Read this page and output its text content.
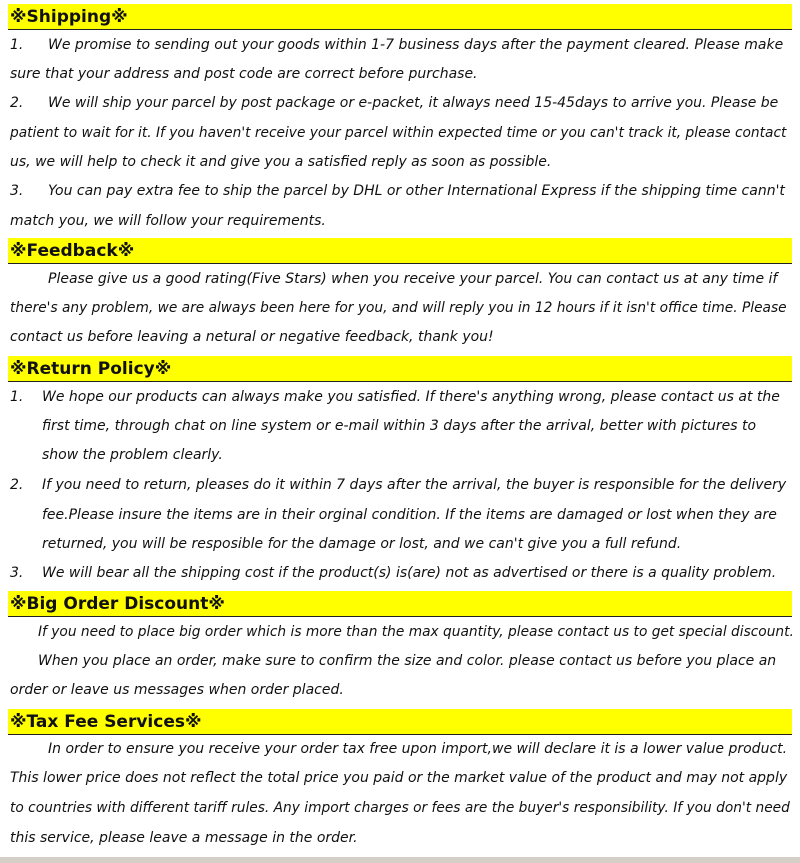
※Shipping※
1. We promise to sending out your goods within 1-7 business days after the payment cleared. Please make
sure that your address and post code are correct before purchase.
2. We will ship your parcel by post package or e-packet, it always need 15-45days to arrive you. Please be
patient to wait for it. If you haven't receive your parcel within expected time or you can't track it, please contact
us, we will help to check it and give you a satisfied reply as soon as possible.
3. You can pay extra fee to ship the parcel by DHL or other International Express if the shipping time cann't
match you, we will follow your requirements.
※Feedback※
Please give us a good rating(Five Stars) when you receive your parcel. You can contact us at any time if
there's any problem, we are always been here for you, and will reply you in 12 hours if it isn't office time. Please
contact us before leaving a netural or negative feedback, thank you!
※Return Policy※
1. We hope our products can always make you satisfied. If there's anything wrong, please contact us at the
first time, through chat on line system or e-mail within 3 days after the arrival, better with pictures to
show the problem clearly.
2. If you need to return, pleases do it within 7 days after the arrival, the buyer is responsible for the delivery
fee.Please insure the items are in their orginal condition. If the items are damaged or lost when they are
returned, you will be resposible for the damage or lost, and we can't give you a full refund.
3. We will bear all the shipping cost if the product(s) is(are) not as advertised or there is a quality problem.
※Big Order Discount※
If you need to place big order which is more than the max quantity, please contact us to get special discount.
When you place an order, make sure to confirm the size and color. please contact us before you place an
order or leave us messages when order placed.
※Tax Fee Services※
In order to ensure you receive your order tax free upon import,we will declare it is a lower value product.
This lower price does not reflect the total price you paid or the market value of the product and may not apply
to countries with different tariff rules. Any import charges or fees are the buyer's responsibility. If you don't need
this service, please leave a message in the order.
